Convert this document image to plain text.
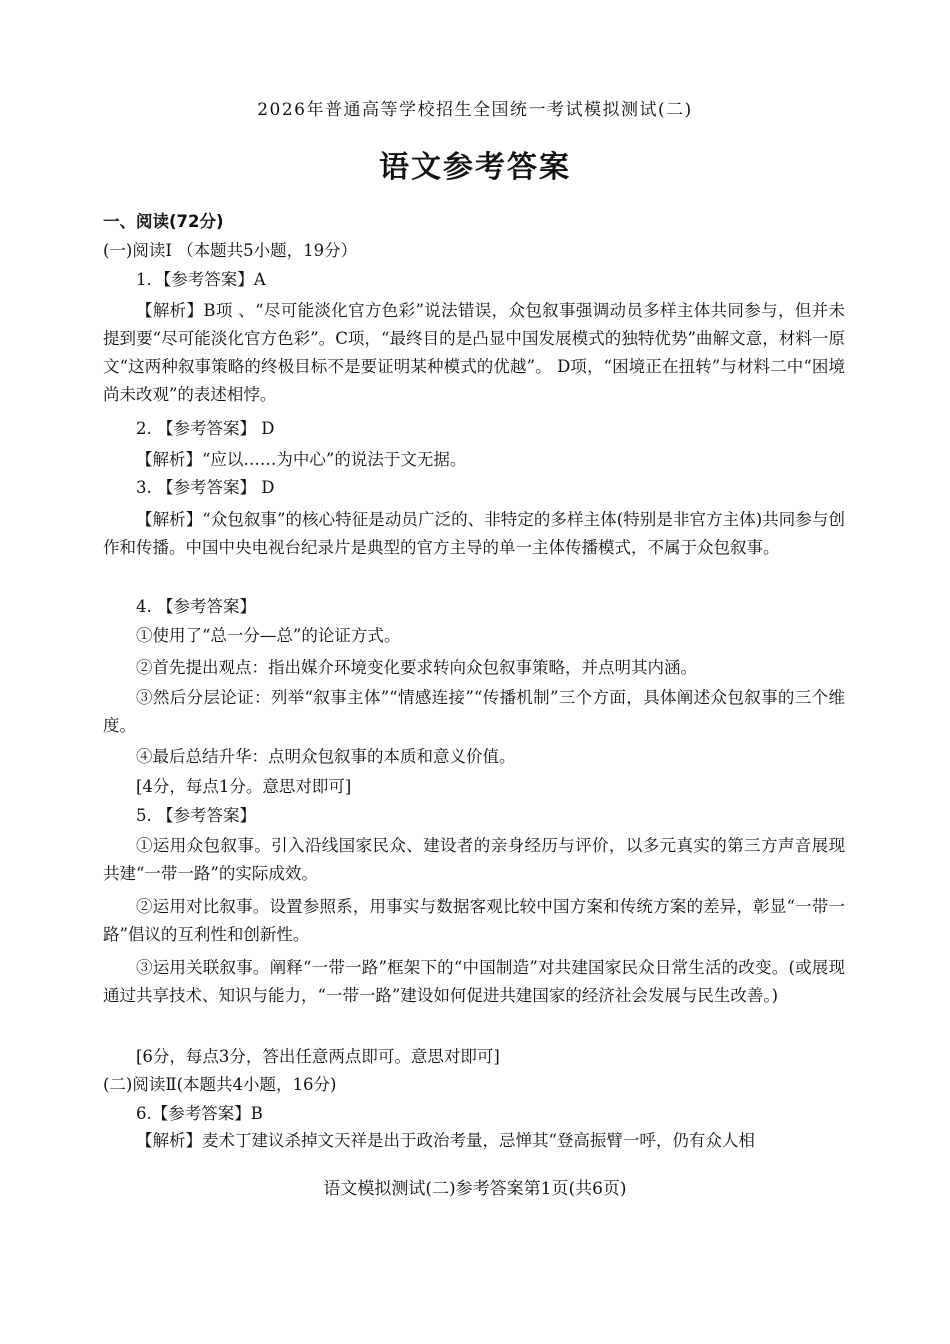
2026年普通高等学校招生全国统一考试模拟测试(二)
语文参考答案
一、阅读(72分)
(一)阅读I （本题共5小题，19分）
1．【参考答案】A
【解析】B项 、“尽可能淡化官方色彩”说法错误，众包叙事强调动员多样主体共同参与，但并未提到要“尽可能淡化官方色彩”。C项，“最终目的是凸显中国发展模式的独特优势”曲解文意，材料一原文“这两种叙事策略的终极目标不是要证明某种模式的优越”。 D项，“困境正在扭转”与材料二中“困境尚未改观”的表述相悖。
2. 【参考答案】 D
【解析】“应以……为中心”的说法于文无据。
3. 【参考答案】 D
【解析】“众包叙事”的核心特征是动员广泛的、非特定的多样主体(特别是非官方主体)共同参与创作和传播。中国中央电视台纪录片是典型的官方主导的单一主体传播模式，不属于众包叙事。
4. 【参考答案】
①使用了“总一分—总”的论证方式。
②首先提出观点：指出媒介环境变化要求转向众包叙事策略，并点明其内涵。
③然后分层论证：列举“叙事主体”“情感连接”“传播机制”三个方面，具体阐述众包叙事的三个维度。
④最后总结升华：点明众包叙事的本质和意义价值。
[4分，每点1分。意思对即可]
5. 【参考答案】
①运用众包叙事。引入沿线国家民众、建设者的亲身经历与评价，以多元真实的第三方声音展现共建“一带一路”的实际成效。
②运用对比叙事。设置参照系，用事实与数据客观比较中国方案和传统方案的差异，彰显“一带一路”倡议的互利性和创新性。
③运用关联叙事。阐释“一带一路”框架下的“中国制造”对共建国家民众日常生活的改变。(或展现通过共享技术、知识与能力，“一带一路”建设如何促进共建国家的经济社会发展与民生改善。)
[6分，每点3分，答出任意两点即可。意思对即可]
(二)阅读Ⅱ(本题共4小题，16分)
6.【参考答案】B
【解析】麦术丁建议杀掉文天祥是出于政治考量，忌惮其“登高振臂一呼，仍有众人相
语文模拟测试(二)参考答案第1页(共6页)
